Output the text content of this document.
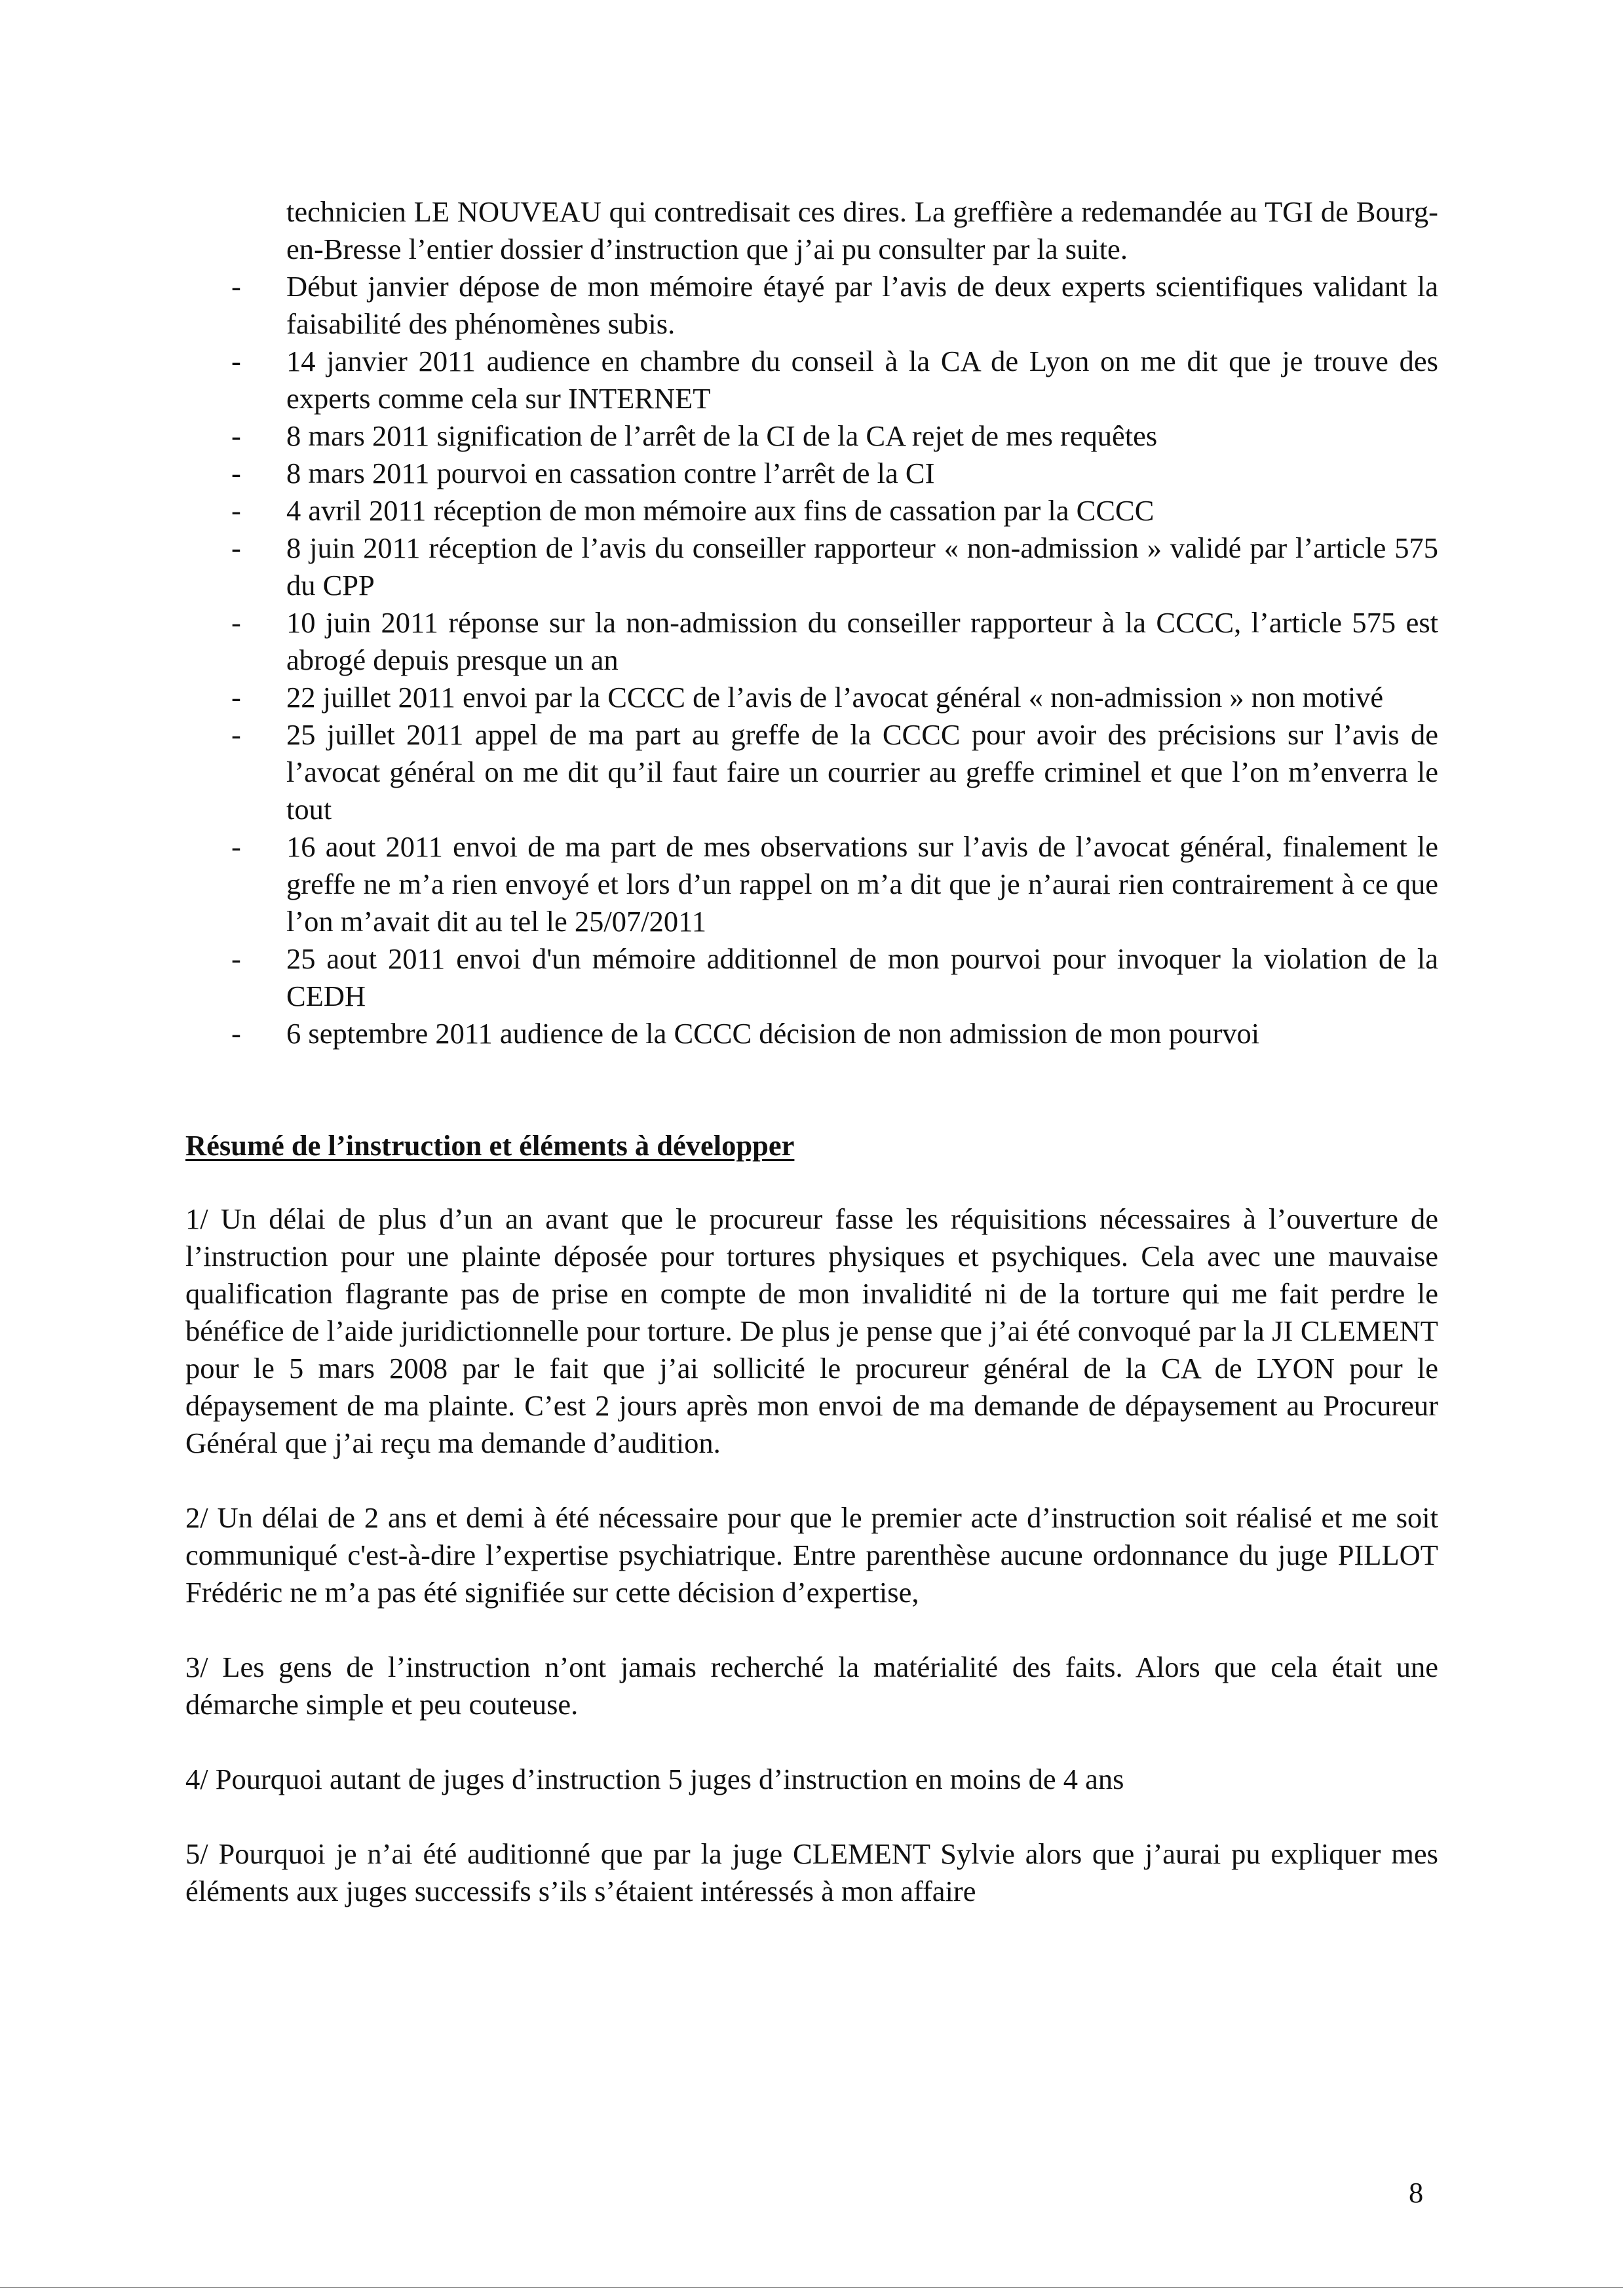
technicien LE NOUVEAU qui contredisait ces dires. La greffière a redemandée au TGI de Bourg-en-Bresse l’entier dossier d’instruction que j’ai pu consulter par la suite.

- Début janvier dépose de mon mémoire étayé par l’avis de deux experts scientifiques validant la faisabilité des phénomènes subis.
- 14 janvier 2011 audience en chambre du conseil à la CA de Lyon on me dit que je trouve des experts comme cela sur INTERNET
- 8 mars 2011 signification de l’arrêt de la CI de la CA rejet de mes requêtes
- 8 mars 2011 pourvoi en cassation contre l’arrêt de la CI
- 4 avril 2011 réception de mon mémoire aux fins de cassation par la CCCC
- 8 juin 2011 réception de l’avis du conseiller rapporteur « non-admission » validé par l’article 575 du CPP
- 10 juin 2011 réponse sur la non-admission du conseiller rapporteur à la CCCC, l’article 575 est abrogé depuis presque un an
- 22 juillet 2011 envoi par la CCCC de l’avis de l’avocat général « non-admission » non motivé
- 25 juillet 2011 appel de ma part au greffe de la CCCC pour avoir des précisions sur l’avis de l’avocat général on me dit qu’il faut faire un courrier au greffe criminel et que l’on m’enverra le tout
- 16 aout 2011 envoi de ma part de mes observations sur l’avis de l’avocat général, finalement le greffe ne m’a rien envoyé et lors d’un rappel on m’a dit que je n’aurai rien contrairement à ce que l’on m’avait dit au tel le 25/07/2011
- 25 aout 2011 envoi d'un mémoire additionnel de mon pourvoi pour invoquer la violation de la CEDH
- 6 septembre 2011 audience de la CCCC décision de non admission de mon pourvoi
Résumé de l’instruction et éléments à développer

1/ Un délai de plus d’un an avant que le procureur fasse les réquisitions nécessaires à l’ouverture de l’instruction pour une plainte déposée pour tortures physiques et psychiques. Cela avec une mauvaise qualification flagrante pas de prise en compte de mon invalidité ni de la torture qui me fait perdre le bénéfice de l’aide juridictionnelle pour torture. De plus je pense que j’ai été convoqué par la JI CLEMENT pour le 5 mars 2008 par le fait que j’ai sollicité le procureur général de la CA de LYON pour le dépaysement de ma plainte. C’est 2 jours après mon envoi de ma demande de dépaysement au Procureur Général que j’ai reçu ma demande d’audition.

2/ Un délai de 2 ans et demi à été nécessaire pour que le premier acte d’instruction soit réalisé et me soit communiqué c'est-à-dire l’expertise psychiatrique. Entre parenthèse aucune ordonnance du juge PILLOT Frédéric ne m’a pas été signifiée sur cette décision d’expertise,

3/ Les gens de l’instruction n’ont jamais recherché la matérialité des faits. Alors que cela était une démarche simple et peu couteuse.

4/ Pourquoi autant de juges d’instruction 5 juges d’instruction en moins de 4 ans

5/ Pourquoi je n’ai été auditionné que par la juge CLEMENT Sylvie alors que j’aurai pu expliquer mes éléments aux juges successifs s’ils s’étaient intéressés à mon affaire

8
